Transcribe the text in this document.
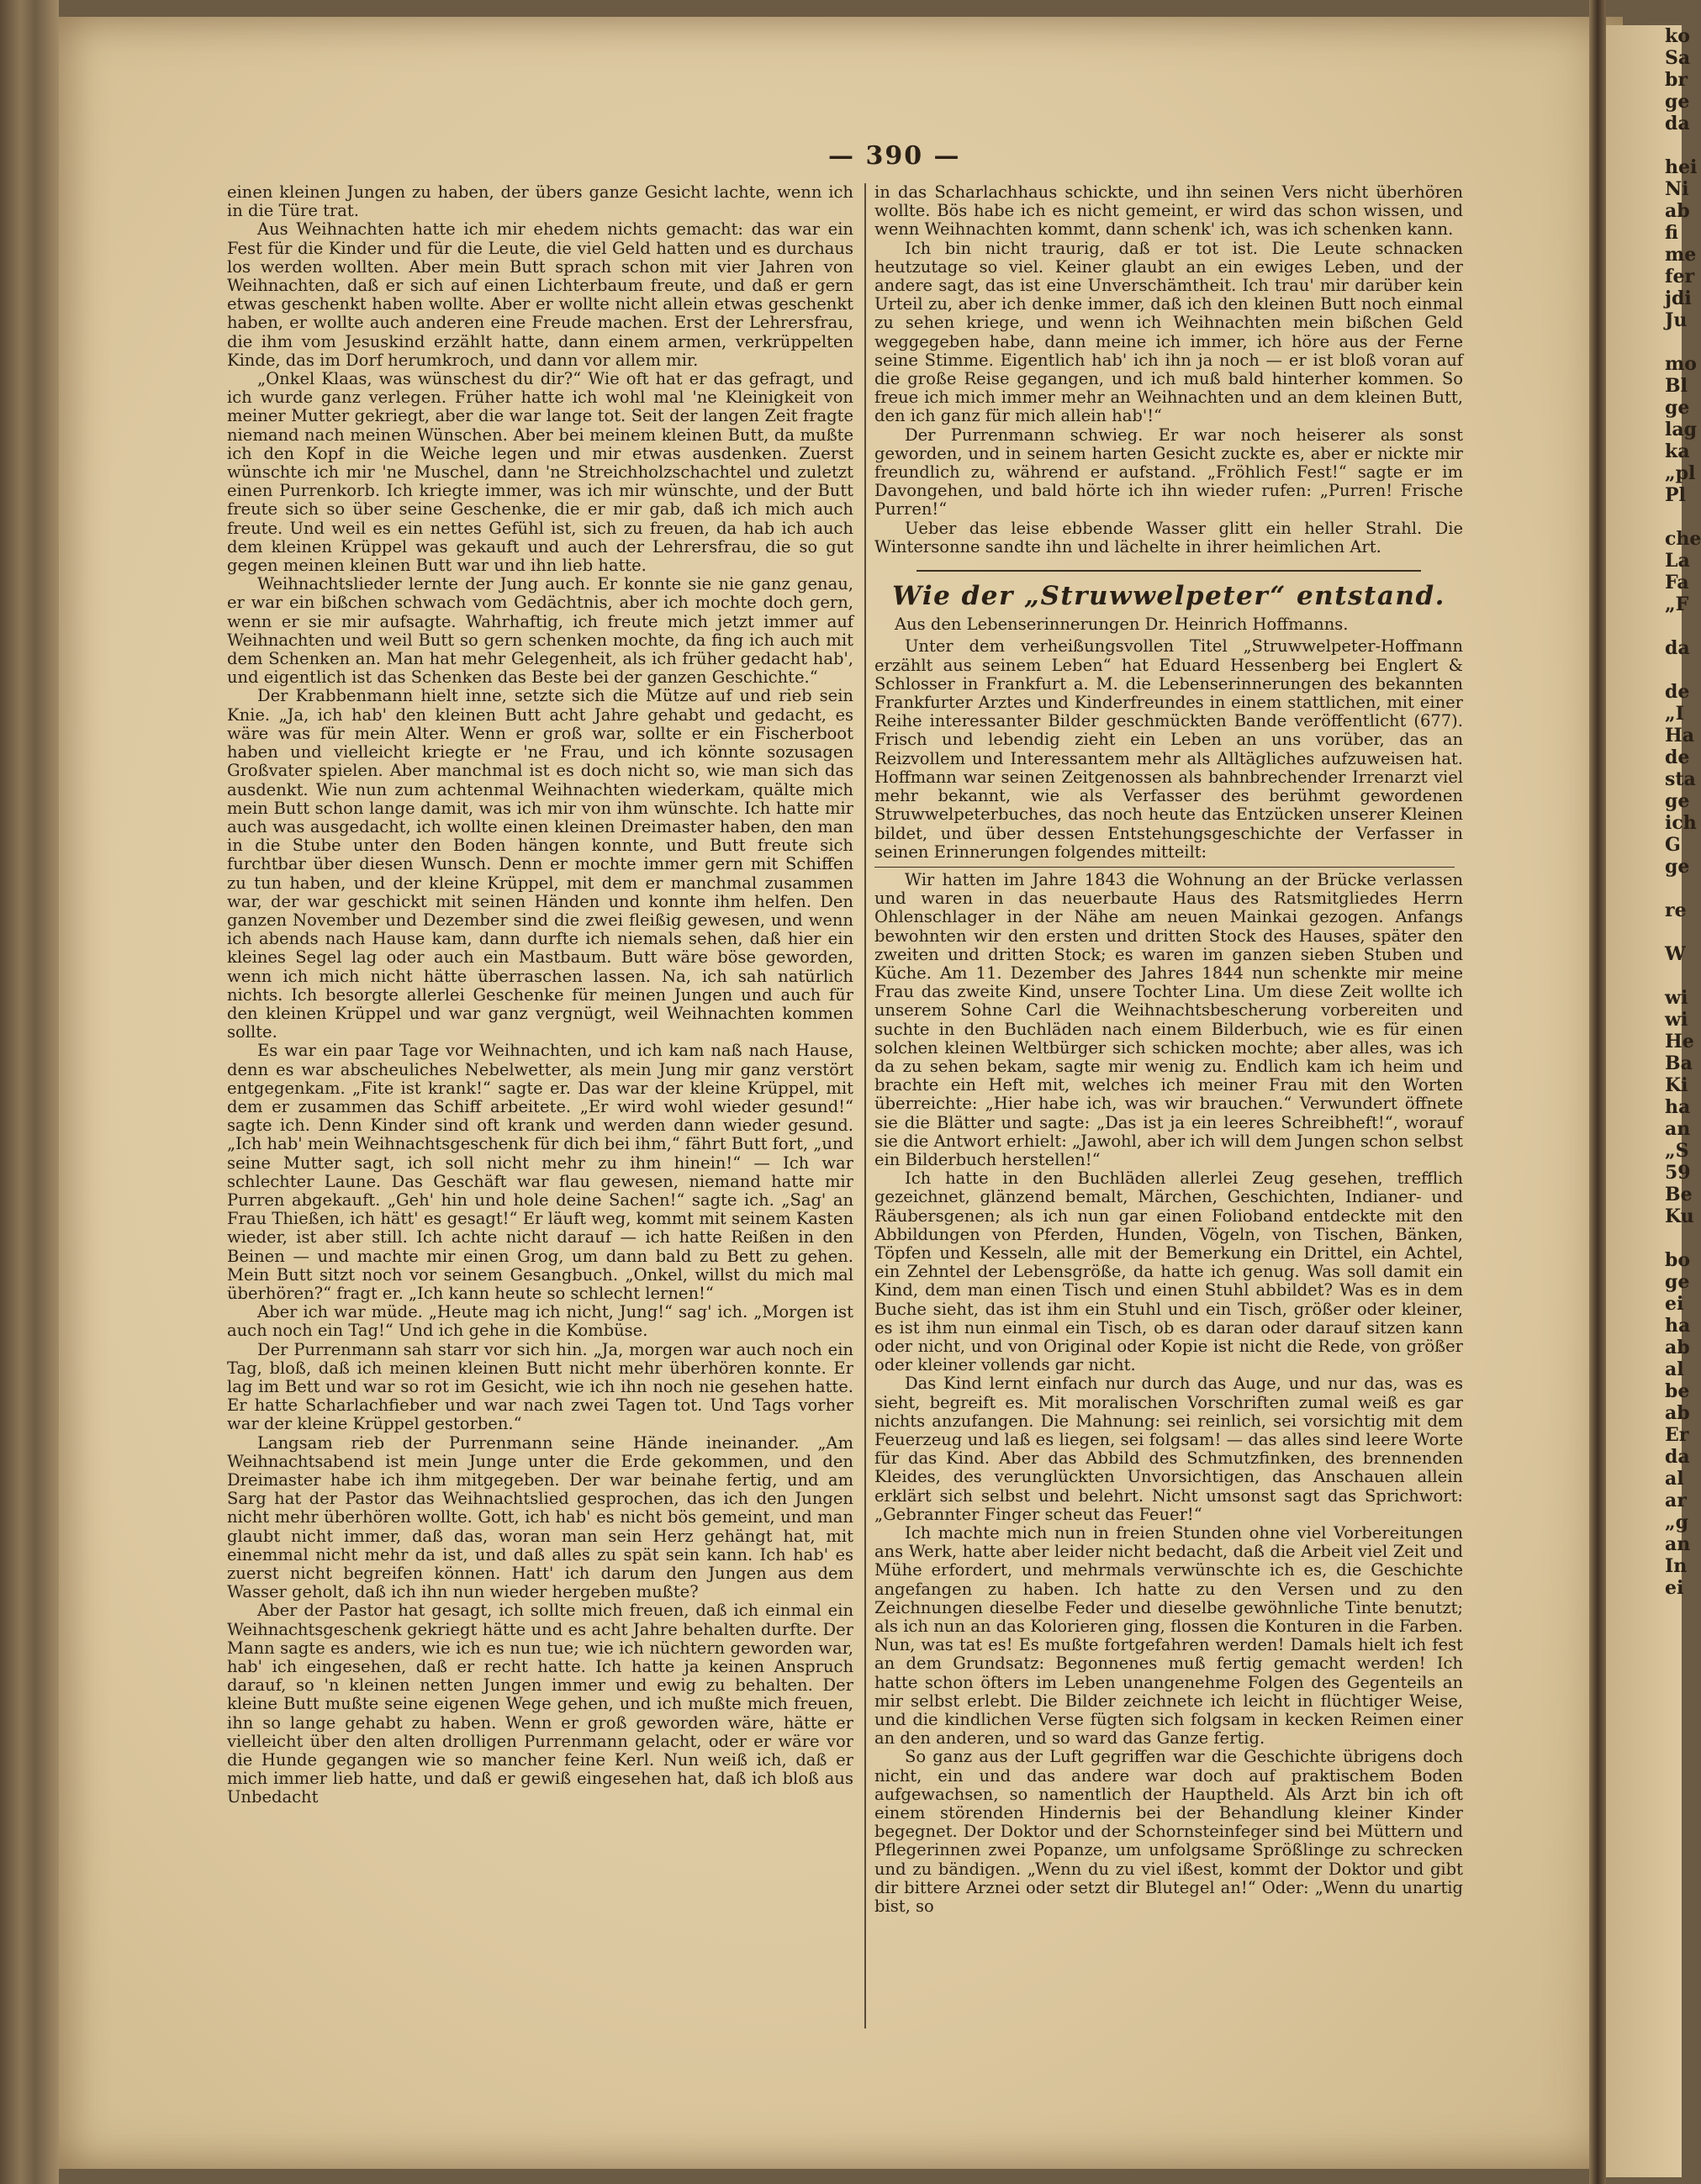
ko
Sa
br
ge
da
hei
Ni
ab
fi
me
fer
jdi
Ju
mo
Bl
ge
lag
ka
„pl
Pl
che
La
Fa
„F
da
de
„I
Ha
de
sta
ge
ich
G
ge
re
W
wi
wi
He
Ba
Ki
ha
an
„S
59
Be
Ku
bo
ge
ei
ha
ab
al
be
ab
Er
da
al
ar
„g
an
In
ei
— 390 —

einen kleinen Jungen zu haben, der übers ganze Gesicht lachte, wenn ich in die Türe trat.

Aus Weihnachten hatte ich mir ehedem nichts gemacht: das war ein Fest für die Kinder und für die Leute, die viel Geld hatten und es durchaus los werden wollten. Aber mein Butt sprach schon mit vier Jahren von Weihnachten, daß er sich auf einen Lichterbaum freute, und daß er gern etwas geschenkt haben wollte. Aber er wollte nicht allein etwas geschenkt haben, er wollte auch anderen eine Freude machen. Erst der Lehrersfrau, die ihm vom Jesuskind erzählt hatte, dann einem armen, verkrüppelten Kinde, das im Dorf herumkroch, und dann vor allem mir.

„Onkel Klaas, was wünschest du dir?“ Wie oft hat er das gefragt, und ich wurde ganz verlegen. Früher hatte ich wohl mal 'ne Kleinigkeit von meiner Mutter gekriegt, aber die war lange tot. Seit der langen Zeit fragte niemand nach meinen Wünschen. Aber bei meinem kleinen Butt, da mußte ich den Kopf in die Weiche legen und mir etwas ausdenken. Zuerst wünschte ich mir 'ne Muschel, dann 'ne Streichholzschachtel und zuletzt einen Purrenkorb. Ich kriegte immer, was ich mir wünschte, und der Butt freute sich so über seine Geschenke, die er mir gab, daß ich mich auch freute. Und weil es ein nettes Gefühl ist, sich zu freuen, da hab ich auch dem kleinen Krüppel was gekauft und auch der Lehrersfrau, die so gut gegen meinen kleinen Butt war und ihn lieb hatte.

Weihnachtslieder lernte der Jung auch. Er konnte sie nie ganz genau, er war ein bißchen schwach vom Gedächtnis, aber ich mochte doch gern, wenn er sie mir aufsagte. Wahrhaftig, ich freute mich jetzt immer auf Weihnachten und weil Butt so gern schenken mochte, da fing ich auch mit dem Schenken an. Man hat mehr Gelegenheit, als ich früher gedacht hab', und eigentlich ist das Schenken das Beste bei der ganzen Geschichte.“

Der Krabbenmann hielt inne, setzte sich die Mütze auf und rieb sein Knie. „Ja, ich hab' den kleinen Butt acht Jahre gehabt und gedacht, es wäre was für mein Alter. Wenn er groß war, sollte er ein Fischerboot haben und vielleicht kriegte er 'ne Frau, und ich könnte sozusagen Großvater spielen. Aber manchmal ist es doch nicht so, wie man sich das ausdenkt. Wie nun zum achtenmal Weihnachten wiederkam, quälte mich mein Butt schon lange damit, was ich mir von ihm wünschte. Ich hatte mir auch was ausgedacht, ich wollte einen kleinen Dreimaster haben, den man in die Stube unter den Boden hängen konnte, und Butt freute sich furchtbar über diesen Wunsch. Denn er mochte immer gern mit Schiffen zu tun haben, und der kleine Krüppel, mit dem er manchmal zusammen war, der war geschickt mit seinen Händen und konnte ihm helfen. Den ganzen November und Dezember sind die zwei fleißig gewesen, und wenn ich abends nach Hause kam, dann durfte ich niemals sehen, daß hier ein kleines Segel lag oder auch ein Mastbaum. Butt wäre böse geworden, wenn ich mich nicht hätte überraschen lassen. Na, ich sah natürlich nichts. Ich besorgte allerlei Geschenke für meinen Jungen und auch für den kleinen Krüppel und war ganz vergnügt, weil Weihnachten kommen sollte.

Es war ein paar Tage vor Weihnachten, und ich kam naß nach Hause, denn es war abscheuliches Nebelwetter, als mein Jung mir ganz verstört entgegenkam. „Fite ist krank!“ sagte er. Das war der kleine Krüppel, mit dem er zusammen das Schiff arbeitete. „Er wird wohl wieder gesund!“ sagte ich. Denn Kinder sind oft krank und werden dann wieder gesund. „Ich hab' mein Weihnachtsgeschenk für dich bei ihm,“ fährt Butt fort, „und seine Mutter sagt, ich soll nicht mehr zu ihm hinein!“ — Ich war schlechter Laune. Das Geschäft war flau gewesen, niemand hatte mir Purren abgekauft. „Geh' hin und hole deine Sachen!“ sagte ich. „Sag' an Frau Thießen, ich hätt' es gesagt!“ Er läuft weg, kommt mit seinem Kasten wieder, ist aber still. Ich achte nicht darauf — ich hatte Reißen in den Beinen — und machte mir einen Grog, um dann bald zu Bett zu gehen. Mein Butt sitzt noch vor seinem Gesangbuch. „Onkel, willst du mich mal überhören?“ fragt er. „Ich kann heute so schlecht lernen!“

Aber ich war müde. „Heute mag ich nicht, Jung!“ sag' ich. „Morgen ist auch noch ein Tag!“ Und ich gehe in die Kombüse.

Der Purrenmann sah starr vor sich hin. „Ja, morgen war auch noch ein Tag, bloß, daß ich meinen kleinen Butt nicht mehr überhören konnte. Er lag im Bett und war so rot im Gesicht, wie ich ihn noch nie gesehen hatte. Er hatte Scharlachfieber und war nach zwei Tagen tot. Und Tags vorher war der kleine Krüppel gestorben.“

Langsam rieb der Purrenmann seine Hände ineinander. „Am Weihnachtsabend ist mein Junge unter die Erde gekommen, und den Dreimaster habe ich ihm mitgegeben. Der war beinahe fertig, und am Sarg hat der Pastor das Weihnachtslied gesprochen, das ich den Jungen nicht mehr überhören wollte. Gott, ich hab' es nicht bös gemeint, und man glaubt nicht immer, daß das, woran man sein Herz gehängt hat, mit einemmal nicht mehr da ist, und daß alles zu spät sein kann. Ich hab' es zuerst nicht begreifen können. Hatt' ich darum den Jungen aus dem Wasser geholt, daß ich ihn nun wieder hergeben mußte?

Aber der Pastor hat gesagt, ich sollte mich freuen, daß ich einmal ein Weihnachtsgeschenk gekriegt hätte und es acht Jahre behalten durfte. Der Mann sagte es anders, wie ich es nun tue; wie ich nüchtern geworden war, hab' ich eingesehen, daß er recht hatte. Ich hatte ja keinen Anspruch darauf, so 'n kleinen netten Jungen immer und ewig zu behalten. Der kleine Butt mußte seine eigenen Wege gehen, und ich mußte mich freuen, ihn so lange gehabt zu haben. Wenn er groß geworden wäre, hätte er vielleicht über den alten drolligen Purrenmann gelacht, oder er wäre vor die Hunde gegangen wie so mancher feine Kerl. Nun weiß ich, daß er mich immer lieb hatte, und daß er gewiß eingesehen hat, daß ich bloß aus Unbedacht

in das Scharlachhaus schickte, und ihn seinen Vers nicht überhören wollte. Bös habe ich es nicht gemeint, er wird das schon wissen, und wenn Weihnachten kommt, dann schenk' ich, was ich schenken kann.

Ich bin nicht traurig, daß er tot ist. Die Leute schnacken heutzutage so viel. Keiner glaubt an ein ewiges Leben, und der andere sagt, das ist eine Unverschämtheit. Ich trau' mir darüber kein Urteil zu, aber ich denke immer, daß ich den kleinen Butt noch einmal zu sehen kriege, und wenn ich Weihnachten mein bißchen Geld weggegeben habe, dann meine ich immer, ich höre aus der Ferne seine Stimme. Eigentlich hab' ich ihn ja noch — er ist bloß voran auf die große Reise gegangen, und ich muß bald hinterher kommen. So freue ich mich immer mehr an Weihnachten und an dem kleinen Butt, den ich ganz für mich allein hab'!“

Der Purrenmann schwieg. Er war noch heiserer als sonst geworden, und in seinem harten Gesicht zuckte es, aber er nickte mir freundlich zu, während er aufstand. „Fröhlich Fest!“ sagte er im Davongehen, und bald hörte ich ihn wieder rufen: „Purren! Frische Purren!“

Ueber das leise ebbende Wasser glitt ein heller Strahl. Die Wintersonne sandte ihn und lächelte in ihrer heimlichen Art.

Wie der „Struwwelpeter“ entstand.

Aus den Lebenserinnerungen Dr. Heinrich Hoffmanns.

Unter dem verheißungsvollen Titel „Struwwelpeter-Hoffmann erzählt aus seinem Leben“ hat Eduard Hessenberg bei Englert & Schlosser in Frankfurt a. M. die Lebenserinnerungen des bekannten Frankfurter Arztes und Kinderfreundes in einem stattlichen, mit einer Reihe interessanter Bilder geschmückten Bande veröffentlicht (677). Frisch und lebendig zieht ein Leben an uns vorüber, das an Reizvollem und Interessantem mehr als Alltägliches aufzuweisen hat. Hoffmann war seinen Zeitgenossen als bahnbrechender Irrenarzt viel mehr bekannt, wie als Verfasser des berühmt gewordenen Struwwelpeterbuches, das noch heute das Entzücken unserer Kleinen bildet, und über dessen Entstehungsgeschichte der Verfasser in seinen Erinnerungen folgendes mitteilt:

Wir hatten im Jahre 1843 die Wohnung an der Brücke verlassen und waren in das neuerbaute Haus des Ratsmitgliedes Herrn Ohlenschlager in der Nähe am neuen Mainkai gezogen. Anfangs bewohnten wir den ersten und dritten Stock des Hauses, später den zweiten und dritten Stock; es waren im ganzen sieben Stuben und Küche. Am 11. Dezember des Jahres 1844 nun schenkte mir meine Frau das zweite Kind, unsere Tochter Lina. Um diese Zeit wollte ich unserem Sohne Carl die Weihnachtsbescherung vorbereiten und suchte in den Buchläden nach einem Bilderbuch, wie es für einen solchen kleinen Weltbürger sich schicken mochte; aber alles, was ich da zu sehen bekam, sagte mir wenig zu. Endlich kam ich heim und brachte ein Heft mit, welches ich meiner Frau mit den Worten überreichte: „Hier habe ich, was wir brauchen.“ Verwundert öffnete sie die Blätter und sagte: „Das ist ja ein leeres Schreibheft!“, worauf sie die Antwort erhielt: „Jawohl, aber ich will dem Jungen schon selbst ein Bilderbuch herstellen!“

Ich hatte in den Buchläden allerlei Zeug gesehen, trefflich gezeichnet, glänzend bemalt, Märchen, Geschichten, Indianer- und Räubersgenen; als ich nun gar einen Folioband entdeckte mit den Abbildungen von Pferden, Hunden, Vögeln, von Tischen, Bänken, Töpfen und Kesseln, alle mit der Bemerkung ein Drittel, ein Achtel, ein Zehntel der Lebensgröße, da hatte ich genug. Was soll damit ein Kind, dem man einen Tisch und einen Stuhl abbildet? Was es in dem Buche sieht, das ist ihm ein Stuhl und ein Tisch, größer oder kleiner, es ist ihm nun einmal ein Tisch, ob es daran oder darauf sitzen kann oder nicht, und von Original oder Kopie ist nicht die Rede, von größer oder kleiner vollends gar nicht.

Das Kind lernt einfach nur durch das Auge, und nur das, was es sieht, begreift es. Mit moralischen Vorschriften zumal weiß es gar nichts anzufangen. Die Mahnung: sei reinlich, sei vorsichtig mit dem Feuerzeug und laß es liegen, sei folgsam! — das alles sind leere Worte für das Kind. Aber das Abbild des Schmutzfinken, des brennenden Kleides, des verunglückten Unvorsichtigen, das Anschauen allein erklärt sich selbst und belehrt. Nicht umsonst sagt das Sprichwort: „Gebrannter Finger scheut das Feuer!“

Ich machte mich nun in freien Stunden ohne viel Vorbereitungen ans Werk, hatte aber leider nicht bedacht, daß die Arbeit viel Zeit und Mühe erfordert, und mehrmals verwünschte ich es, die Geschichte angefangen zu haben. Ich hatte zu den Versen und zu den Zeichnungen dieselbe Feder und dieselbe gewöhnliche Tinte benutzt; als ich nun an das Kolorieren ging, flossen die Konturen in die Farben. Nun, was tat es! Es mußte fortgefahren werden! Damals hielt ich fest an dem Grundsatz: Begonnenes muß fertig gemacht werden! Ich hatte schon öfters im Leben unangenehme Folgen des Gegenteils an mir selbst erlebt. Die Bilder zeichnete ich leicht in flüchtiger Weise, und die kindlichen Verse fügten sich folgsam in kecken Reimen einer an den anderen, und so ward das Ganze fertig.

So ganz aus der Luft gegriffen war die Geschichte übrigens doch nicht, ein und das andere war doch auf praktischem Boden aufgewachsen, so namentlich der Hauptheld. Als Arzt bin ich oft einem störenden Hindernis bei der Behandlung kleiner Kinder begegnet. Der Doktor und der Schornsteinfeger sind bei Müttern und Pflegerinnen zwei Popanze, um unfolgsame Sprößlinge zu schrecken und zu bändigen. „Wenn du zu viel ißest, kommt der Doktor und gibt dir bittere Arznei oder setzt dir Blutegel an!“ Oder: „Wenn du unartig bist, so
